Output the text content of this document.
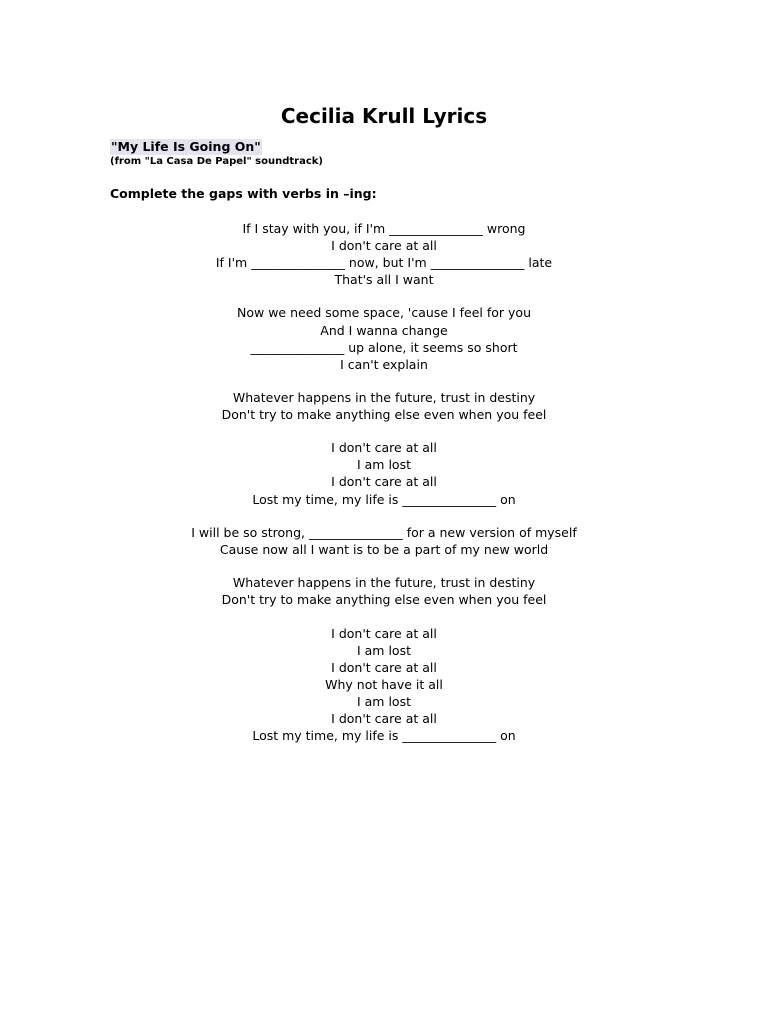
Cecilia Krull Lyrics
"My Life Is Going On"
(from "La Casa De Papel" soundtrack)
Complete the gaps with verbs in –ing:
If I stay with you, if I'm _______________ wrong
I don't care at all
If I'm _______________ now, but I'm _______________ late
That's all I want
Now we need some space, 'cause I feel for you
And I wanna change
_______________ up alone, it seems so short
I can't explain
Whatever happens in the future, trust in destiny
Don't try to make anything else even when you feel
I don't care at all
I am lost
I don't care at all
Lost my time, my life is _______________ on
I will be so strong, _______________ for a new version of myself
Cause now all I want is to be a part of my new world
Whatever happens in the future, trust in destiny
Don't try to make anything else even when you feel
I don't care at all
I am lost
I don't care at all
Why not have it all
I am lost
I don't care at all
Lost my time, my life is _______________ on
